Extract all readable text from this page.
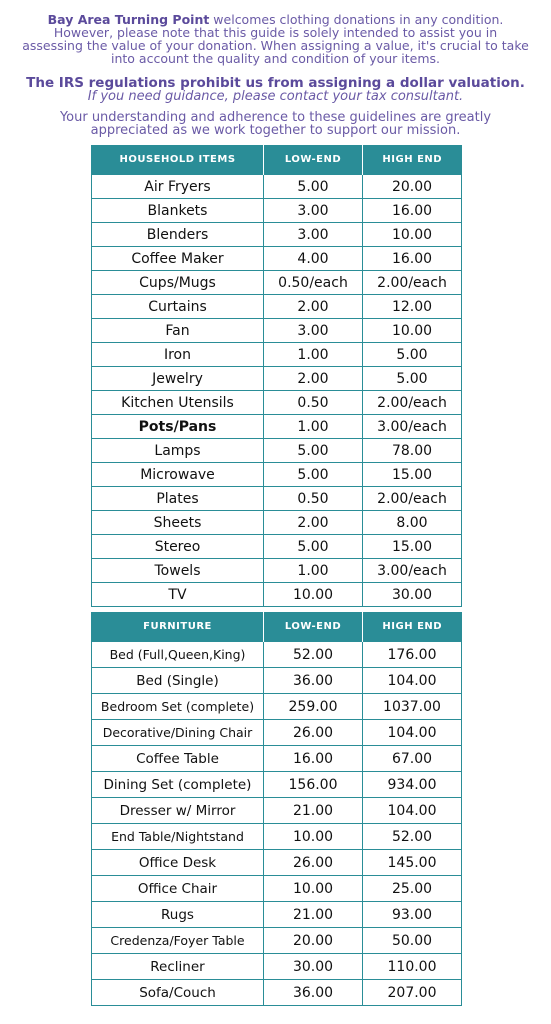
Bay Area Turning Point welcomes clothing donations in any condition. However, please note that this guide is solely intended to assist you in assessing the value of your donation. When assigning a value, it's crucial to take into account the quality and condition of your items.

The IRS regulations prohibit us from assigning a dollar valuation.

If you need guidance, please contact your tax consultant.

Your understanding and adherence to these guidelines are greatly appreciated as we work together to support our mission.

HOUSEHOLD ITEMS	LOW-END	HIGH END
Air Fryers	5.00	20.00
Blankets	3.00	16.00
Blenders	3.00	10.00
Coffee Maker	4.00	16.00
Cups/Mugs	0.50/each	2.00/each
Curtains	2.00	12.00
Fan	3.00	10.00
Iron	1.00	5.00
Jewelry	2.00	5.00
Kitchen Utensils	0.50	2.00/each
Pots/Pans	1.00	3.00/each
Lamps	5.00	78.00
Microwave	5.00	15.00
Plates	0.50	2.00/each
Sheets	2.00	8.00
Stereo	5.00	15.00
Towels	1.00	3.00/each
TV	10.00	30.00
FURNITURE	LOW-END	HIGH END
Bed (Full,Queen,King)	52.00	176.00
Bed (Single)	36.00	104.00
Bedroom Set (complete)	259.00	1037.00
Decorative/Dining Chair	26.00	104.00
Coffee Table	16.00	67.00
Dining Set (complete)	156.00	934.00
Dresser w/ Mirror	21.00	104.00
End Table/Nightstand	10.00	52.00
Office Desk	26.00	145.00
Office Chair	10.00	25.00
Rugs	21.00	93.00
Credenza/Foyer Table	20.00	50.00
Recliner	30.00	110.00
Sofa/Couch	36.00	207.00
